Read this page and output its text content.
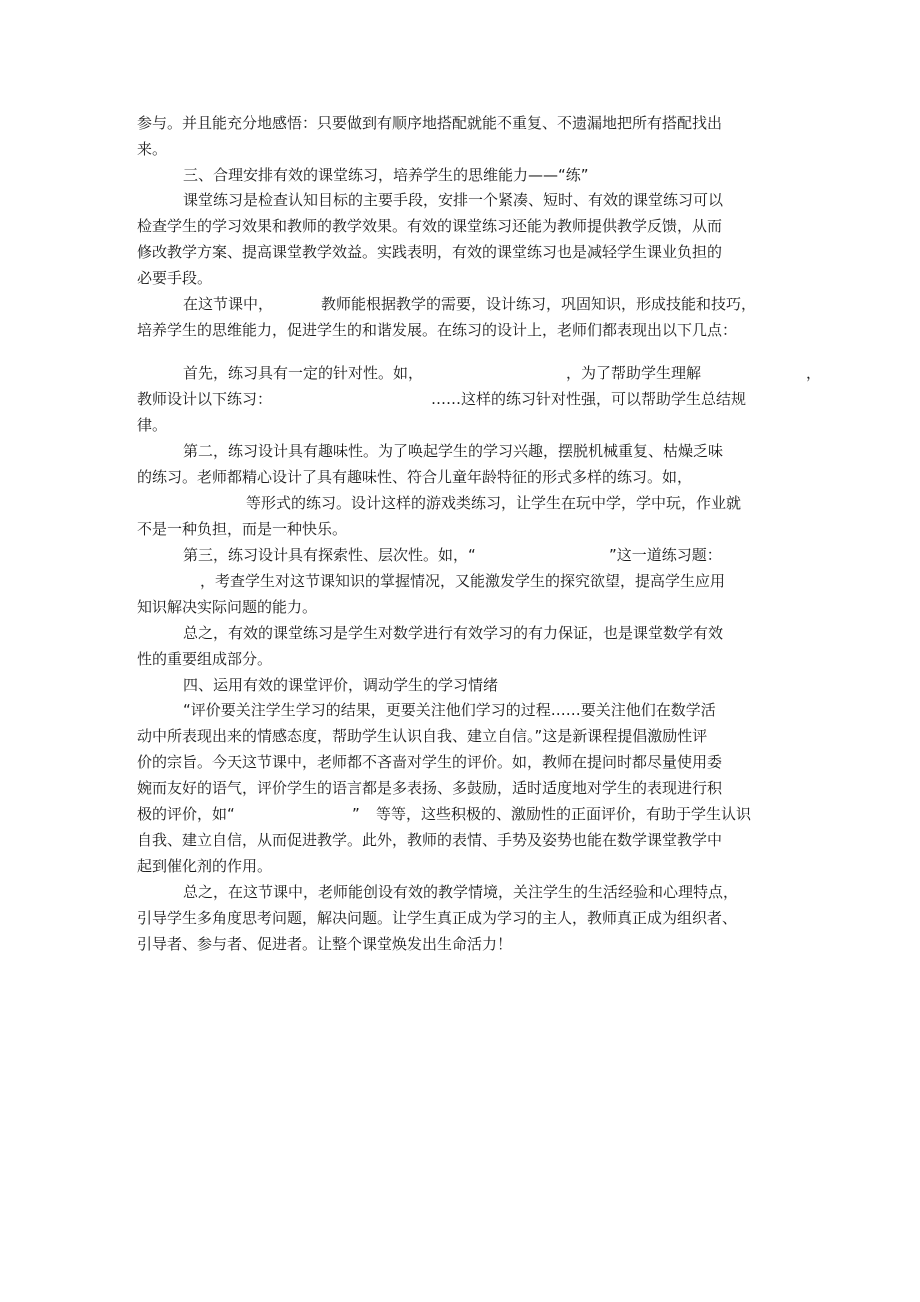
参与。并且能充分地感悟：只要做到有顺序地搭配就能不重复、不遗漏地把所有搭配找出
来。
三、合理安排有效的课堂练习，培养学生的思维能力——“练”
课堂练习是检查认知目标的主要手段，安排一个紧凑、短时、有效的课堂练习可以
检查学生的学习效果和教师的教学效果。有效的课堂练习还能为教师提供教学反馈，从而
修改教学方案、提高课堂教学效益。实践表明，有效的课堂练习也是减轻学生课业负担的
必要手段。
在这节课中，	教师能根据教学的需要，设计练习，巩固知识，形成技能和技巧，
培养学生的思维能力，促进学生的和谐发展。在练习的设计上，老师们都表现出以下几点：
首先，练习具有一定的针对性。如，	，为了帮助学生理解	，
教师设计以下练习：	……这样的练习针对性强，可以帮助学生总结规
律。
第二，练习设计具有趣味性。为了唤起学生的学习兴趣，摆脱机械重复、枯燥乏味
的练习。老师都精心设计了具有趣味性、符合儿童年龄特征的形式多样的练习。如，
等形式的练习。设计这样的游戏类练习，让学生在玩中学，学中玩，作业就
不是一种负担，而是一种快乐。
第三，练习设计具有探索性、层次性。如，“	”这一道练习题：
，考查学生对这节课知识的掌握情况，又能激发学生的探究欲望，提高学生应用
知识解决实际问题的能力。
总之，有效的课堂练习是学生对数学进行有效学习的有力保证，也是课堂数学有效
性的重要组成部分。
四、运用有效的课堂评价，调动学生的学习情绪
“评价要关注学生学习的结果，更要关注他们学习的过程……要关注他们在数学活
动中所表现出来的情感态度，帮助学生认识自我、建立自信。”这是新课程提倡激励性评
价的宗旨。今天这节课中，老师都不吝啬对学生的评价。如，教师在提问时都尽量使用委
婉而友好的语气，评价学生的语言都是多表扬、多鼓励，适时适度地对学生的表现进行积
极的评价，如“	” 等等，这些积极的、激励性的正面评价，有助于学生认识
自我、建立自信，从而促进教学。此外，教师的表情、手势及姿势也能在数学课堂教学中
起到催化剂的作用。
总之，在这节课中，老师能创设有效的教学情境，关注学生的生活经验和心理特点，
引导学生多角度思考问题，解决问题。让学生真正成为学习的主人，教师真正成为组织者、
引导者、参与者、促进者。让整个课堂焕发出生命活力！
